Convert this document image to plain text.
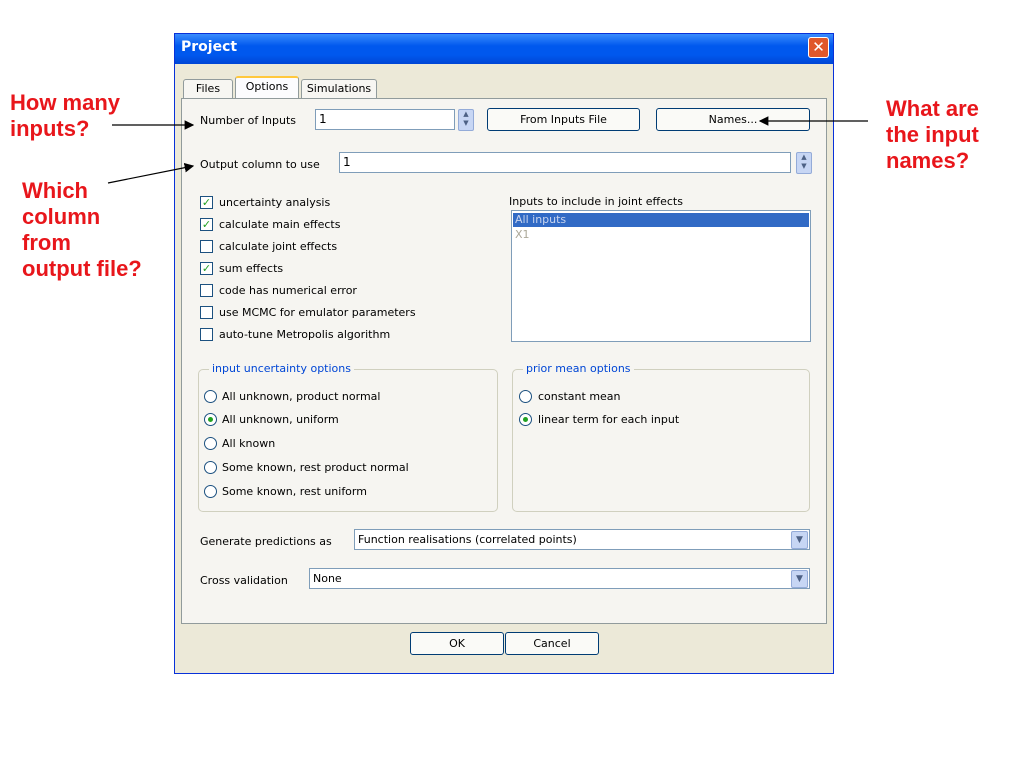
How many
inputs?
Which
column
from
output file?
What are
the input
names?
Project	✕
Files	Options	Simulations
Number of Inputs	1	▲
▼	From Inputs File	Names...
Output column to use	1	▲
▼
✓ uncertainty analysis
✓ calculate main effects
calculate joint effects
✓ sum effects
code has numerical error
use MCMC for emulator parameters
auto-tune Metropolis algorithm
Inputs to include in joint effects
All inputs
X1
input uncertainty options
All unknown, product normal
All unknown, uniform
All known
Some known, rest product normal
Some known, rest uniform
prior mean options
constant mean
linear term for each input
Generate predictions as	Function realisations (correlated points)	▼
Cross validation	None	▼
OK	Cancel
